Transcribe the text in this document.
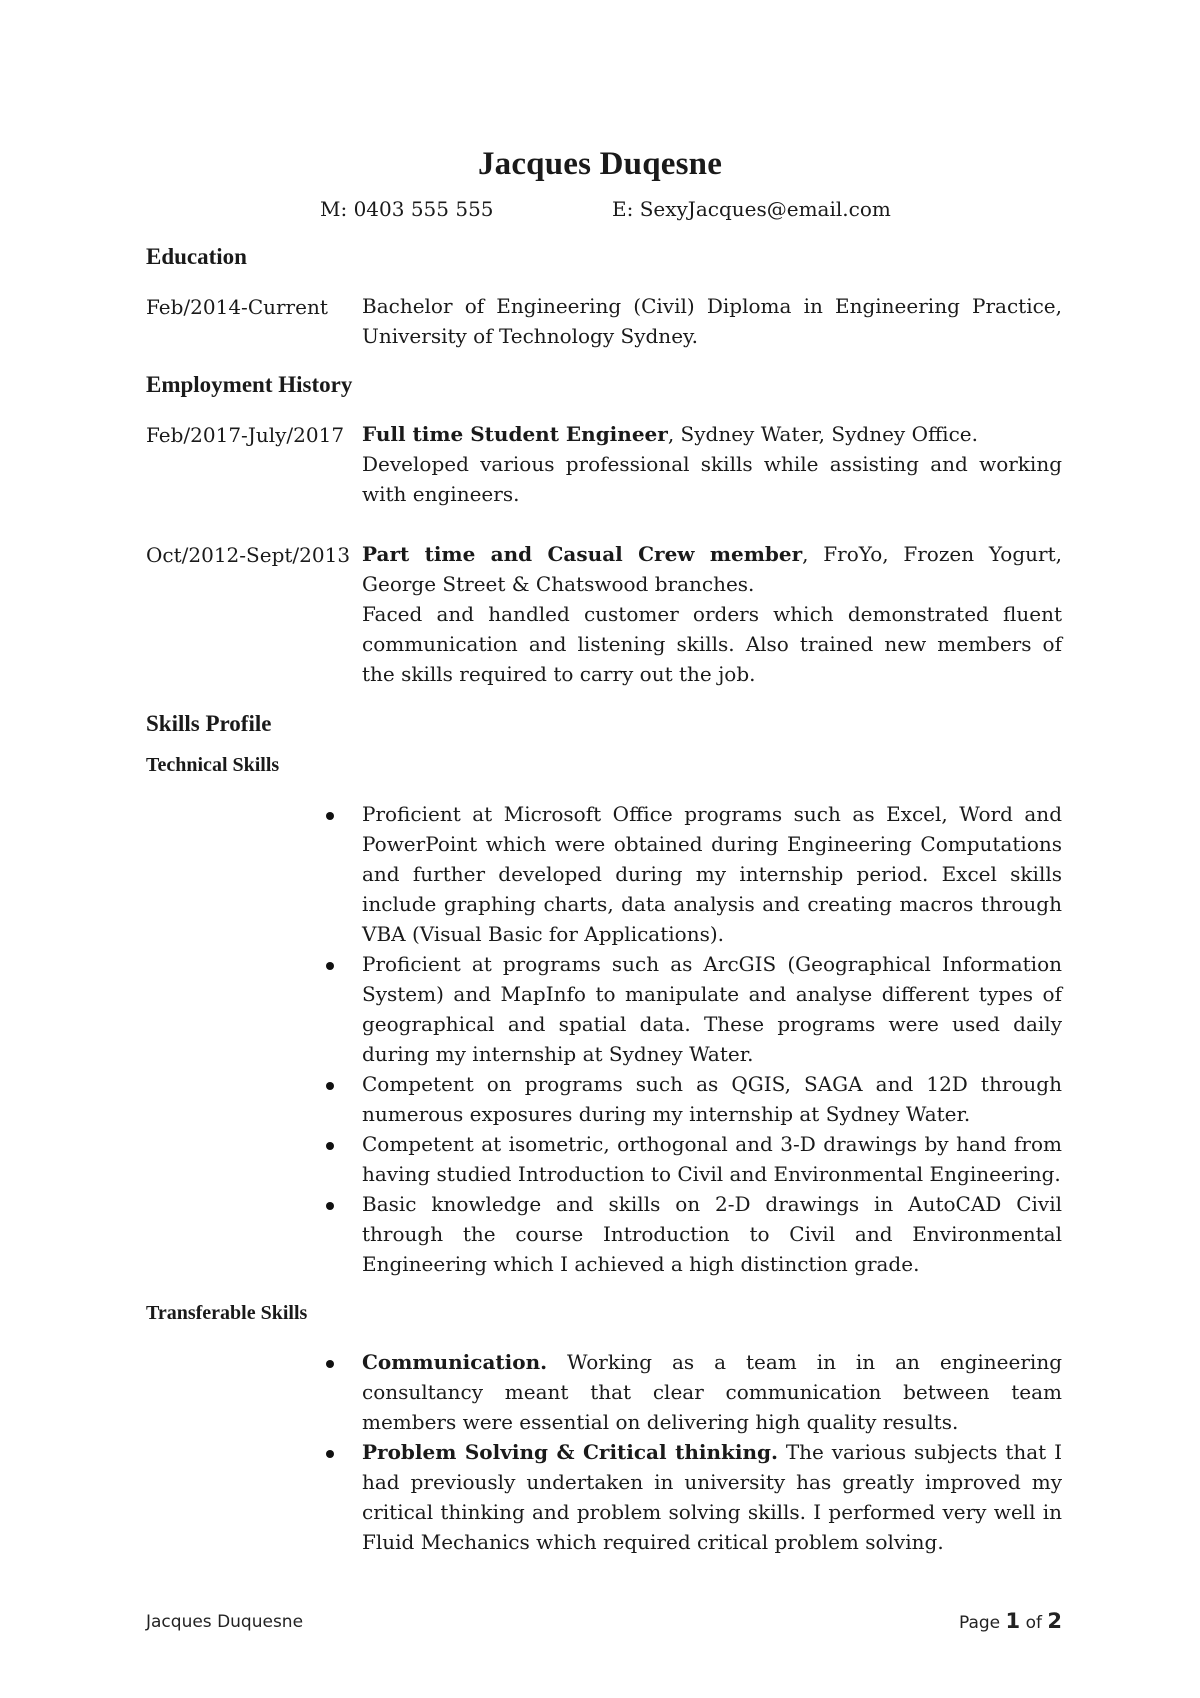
Jacques Duqesne
M: 0403 555 555	E: SexyJacques@email.com
Education
Feb/2014-Current Bachelor of Engineering (Civil) Diploma in Engineering Practice, University of Technology Sydney.

Employment History
Feb/2017-July/2017 Full time Student Engineer, Sydney Water, Sydney Office.
Developed various professional skills while assisting and working with engineers.

Oct/2012-Sept/2013 Part time and Casual Crew member, FroYo, Frozen Yogurt, George Street & Chatswood branches.
Faced and handled customer orders which demonstrated fluent communication and listening skills. Also trained new members of the skills required to carry out the job.

Skills Profile
Technical Skills
Proficient at Microsoft Office programs such as Excel, Word and PowerPoint which were obtained during Engineering Computations and further developed during my internship period. Excel skills include graphing charts, data analysis and creating macros through VBA (Visual Basic for Applications).
Proficient at programs such as ArcGIS (Geographical Information System) and MapInfo to manipulate and analyse different types of geographical and spatial data. These programs were used daily during my internship at Sydney Water.
Competent on programs such as QGIS, SAGA and 12D through numerous exposures during my internship at Sydney Water.
Competent at isometric, orthogonal and 3-D drawings by hand from having studied Introduction to Civil and Environmental Engineering.
Basic knowledge and skills on 2-D drawings in AutoCAD Civil through the course Introduction to Civil and Environmental Engineering which I achieved a high distinction grade.
Transferable Skills
Communication. Working as a team in in an engineering consultancy meant that clear communication between team members were essential on delivering high quality results.
Problem Solving & Critical thinking. The various subjects that I had previously undertaken in university has greatly improved my critical thinking and problem solving skills. I performed very well in Fluid Mechanics which required critical problem solving.
Jacques Duquesne	Page 1 of 2
